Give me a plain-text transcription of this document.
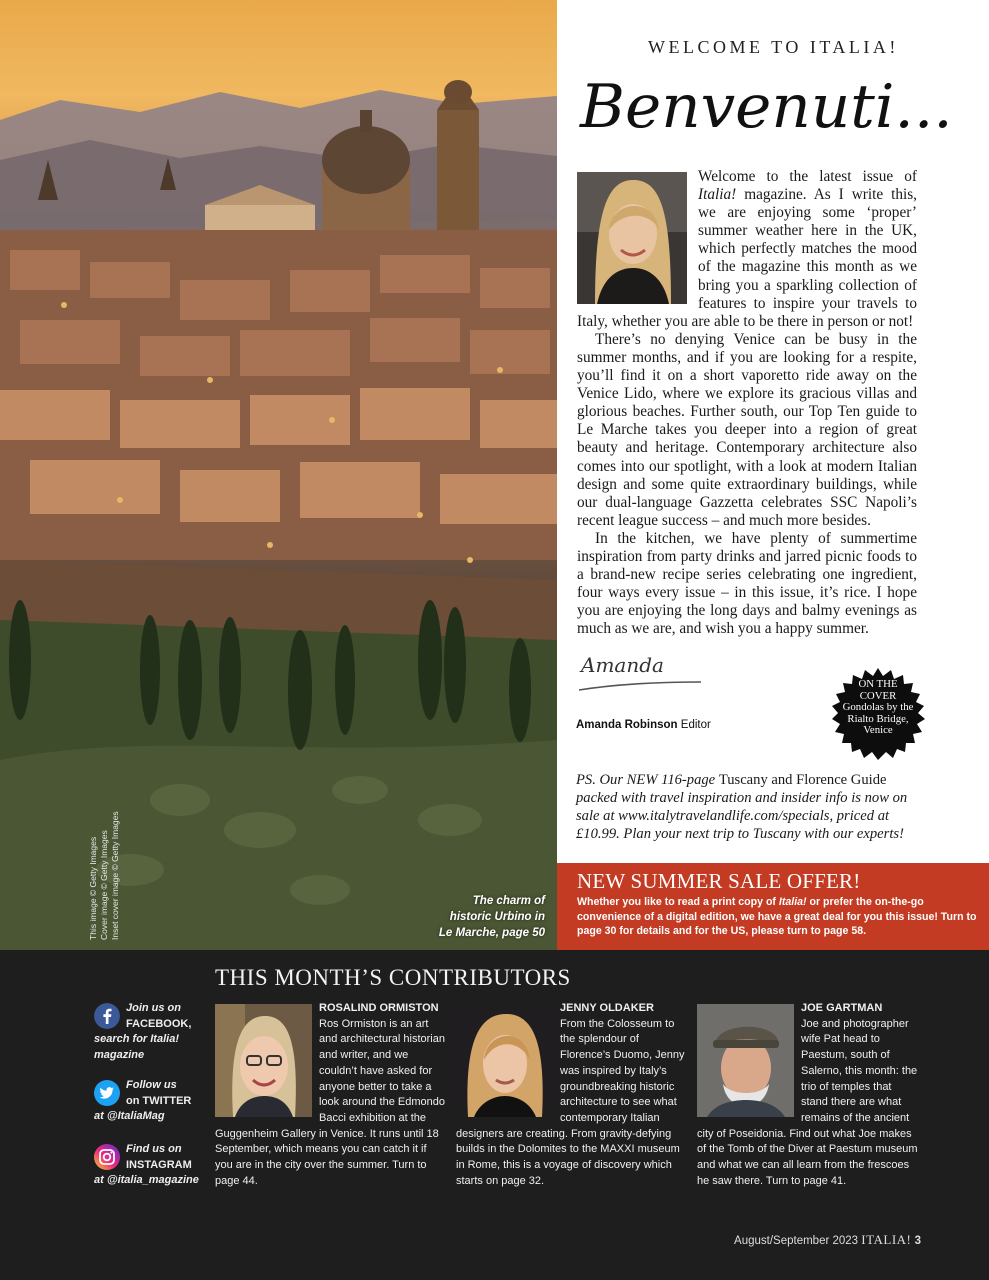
This image © Getty Images Cover image © Getty Images Inset cover image © Getty Images	The charm of
historic Urbino in
Le Marche, page 50
WELCOME TO ITALIA!
Benvenuti...

Welcome to the latest issue of Italia! magazine. As I write this, we are enjoying some ‘proper’ summer weather here in the UK, which perfectly matches the mood of the magazine this month as we bring you a sparkling collection of features to inspire your travels to Italy, whether you are able to be there in person or not!

There’s no denying Venice can be busy in the summer months, and if you are looking for a respite, you’ll find it on a short vaporetto ride away on the Venice Lido, where we explore its gracious villas and glorious beaches. Further south, our Top Ten guide to Le Marche takes you deeper into a region of great beauty and heritage. Contemporary architecture also comes into our spotlight, with a look at modern Italian design and some quite extraordinary buildings, while our dual-language Gazzetta celebrates SSC Napoli’s recent league success – and much more besides.

In the kitchen, we have plenty of summertime inspiration from party drinks and jarred picnic foods to a brand-new recipe series celebrating one ingredient, four ways every issue – in this issue, it’s rice. I hope you are enjoying the long days and balmy evenings as much as we are, and wish you a happy summer.

Amanda
Amanda Robinson Editor
ON THE
COVER
Gondolas by the
Rialto Bridge,
Venice
PS. Our NEW 116-page Tuscany and Florence Guide packed with travel inspiration and insider info is now on sale at www.italytravelandlife.com/specials, priced at £10.99. Plan your next trip to Tuscany with our experts!
NEW SUMMER SALE OFFER!
Whether you like to read a print copy of Italia! or prefer the on-the-go convenience of a digital edition, we have a great deal for you this issue! Turn to page 30 for details and for the US, please turn to page 58.
THIS MONTH’S CONTRIBUTORS
Join us on
FACEBOOK,
search for Italia!
magazine
Follow us
on TWITTER
at @ItaliaMag
Find us on
INSTAGRAM
at @italia_magazine
ROSALIND ORMISTON
Ros Ormiston is an art and architectural historian and writer, and we couldn’t have asked for anyone better to take a look around the Edmondo Bacci exhibition at the Guggenheim Gallery in Venice. It runs until 18 September, which means you can catch it if you are in the city over the summer. Turn to page 44.
JENNY OLDAKER
From the Colosseum to the splendour of Florence’s Duomo, Jenny was inspired by Italy’s groundbreaking historic architecture to see what contemporary Italian designers are creating. From gravity-defying builds in the Dolomites to the MAXXI museum in Rome, this is a voyage of discovery which starts on page 32.
JOE GARTMAN
Joe and photographer wife Pat head to Paestum, south of Salerno, this month: the trio of temples that stand there are what remains of the ancient city of Poseidonia. Find out what Joe makes of the Tomb of the Diver at Paestum museum and what we can all learn from the frescoes he saw there. Turn to page 41.
August/September 2023 ITALIA! 3
